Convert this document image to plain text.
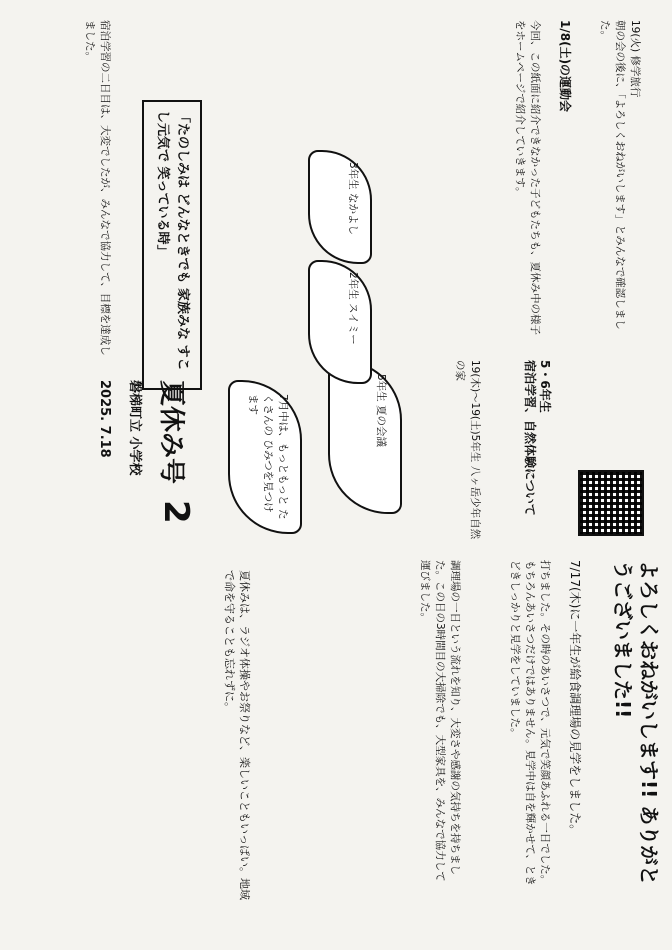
よろしくおねがいします!! ありがとうございました!!
7/17(木)に一年生が給食調理場の見学をしました。
打ちました。その時のあいさつで、元気で笑顔あふれる一日でした。もちろんあいさつだけではありません。見学中は自を輝かせて、ときどきしっかりと見学をしていました。
調理場の一日という流れを知り、大変さや感謝の気持ちを持ちました。この日の3時間目の大掃除でも、大型家具を、みんなで協力して運びました。
5・6年生
宿泊学習、自然体験について
19(木)〜19(土)5年生 八ヶ岳少年自然の家
19(火) 修学旅行
朝の会の後に、「よろしくおねがいします」とみんなで確認しました。
1/8(土)の運動会
今回、この紙面に紹介できなかった子どもたちも、夏休み中の様子をホームページで紹介していきます。
5年生 夏の会議
2年生 スイミー
3年生 なかよし
7月中は、もっともっと たくさんの ひみつを見つけます
夏休み号
2
磐梯町立 小学校
2025. 7.18
夏休みは、ラジオ体操やお祭りなど、楽しいこともいっぱい。地域で命を守ることも忘れずに。
「たのしみは どんなときでも 家族みな すこし元気で 笑っている時」
宿泊学習の二日目は、大変でしたが、みんなで協力して、目標を達成しました。
